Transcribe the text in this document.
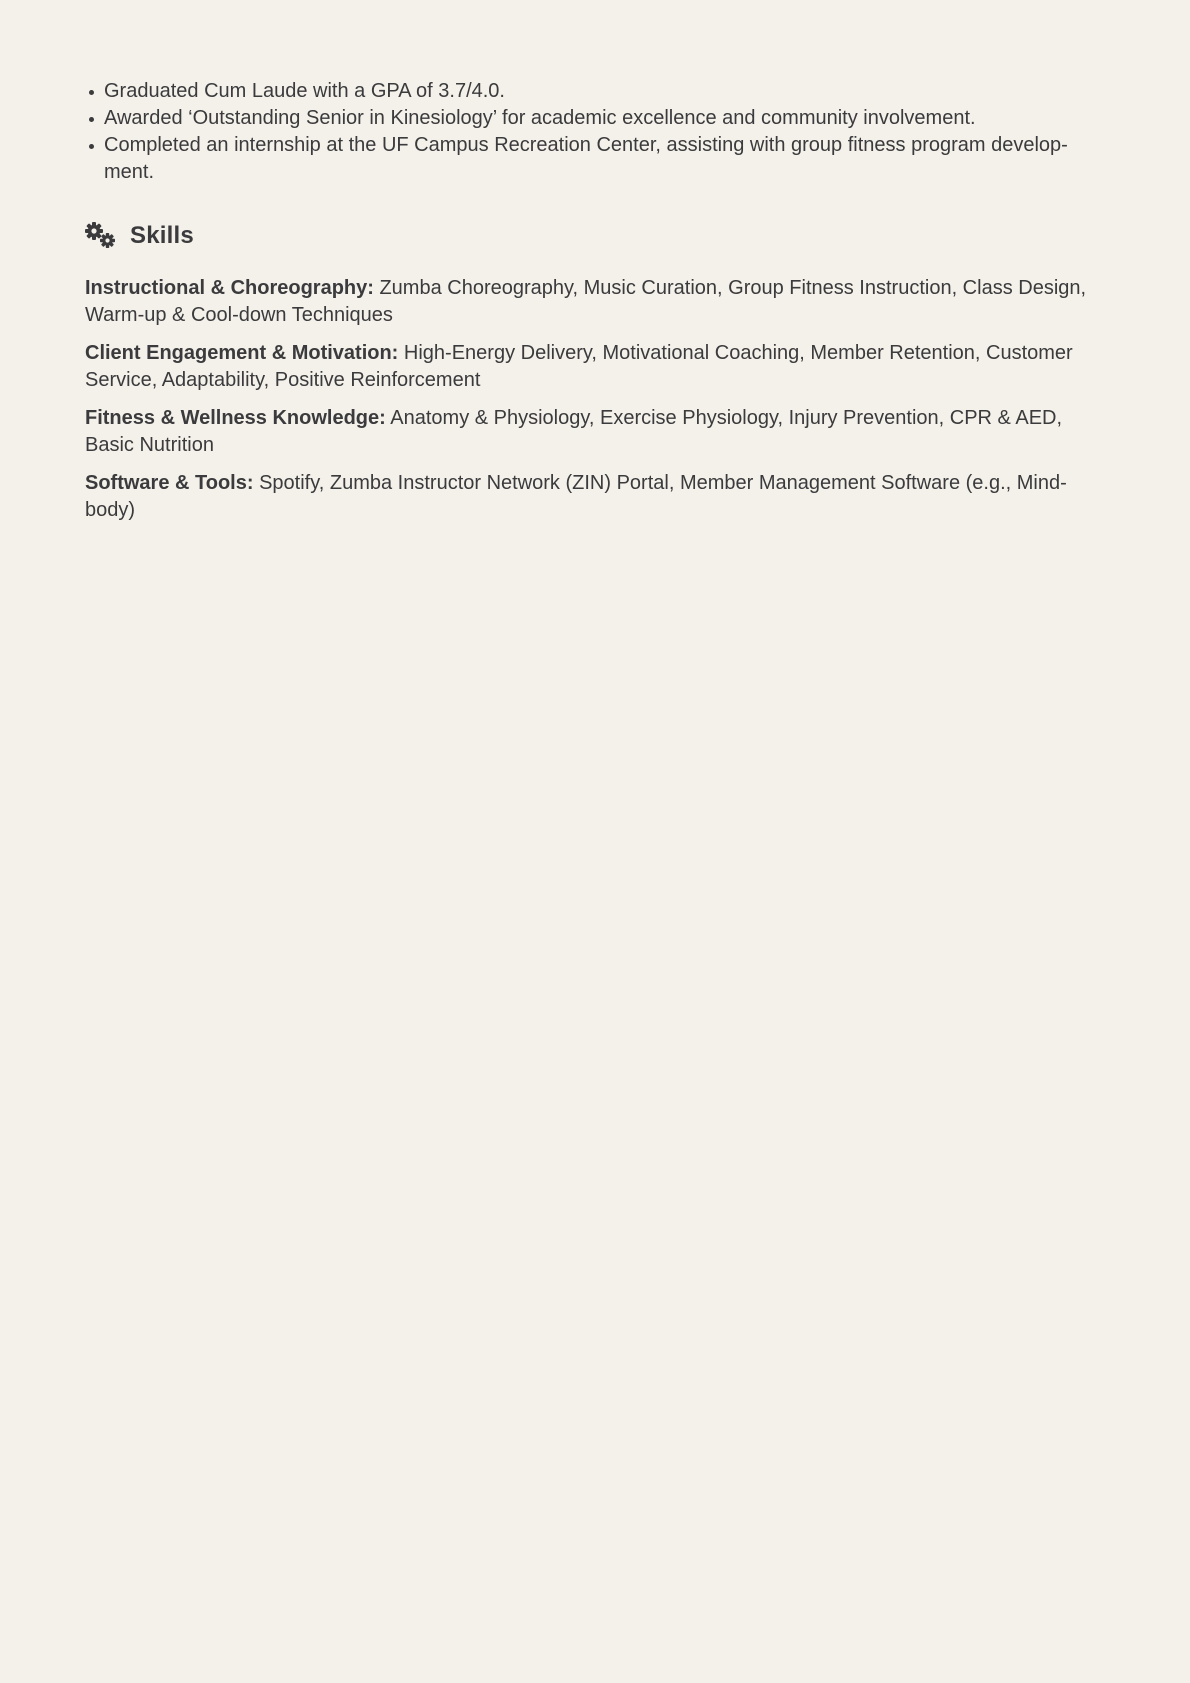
Graduated Cum Laude with a GPA of 3.7/4.0.
Awarded ‘Outstanding Senior in Kinesiology’ for academic excellence and community involvement.
Completed an internship at the UF Campus Recreation Center, assisting with group fitness program develop-ment.
Skills

Instructional & Choreography: Zumba Choreography, Music Curation, Group Fitness Instruction, Class Design, Warm-up & Cool-down Techniques

Client Engagement & Motivation: High-Energy Delivery, Motivational Coaching, Member Retention, Customer Service, Adaptability, Positive Reinforcement

Fitness & Wellness Knowledge: Anatomy & Physiology, Exercise Physiology, Injury Prevention, CPR & AED, Basic Nutrition

Software & Tools: Spotify, Zumba Instructor Network (ZIN) Portal, Member Management Software (e.g., Mind-body)
